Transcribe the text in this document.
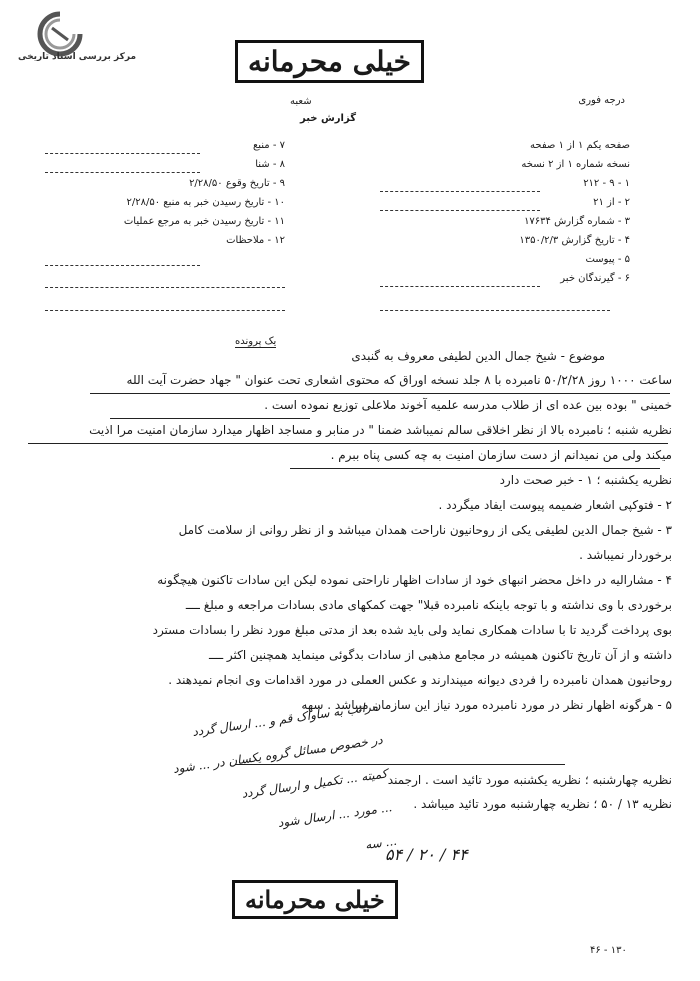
مرکز بررسی اسناد تاریخی	خیلی محرمانه
درجه فوری
شعبه
گزارش خبر
صفحه یکم ۱ از ۱ صفحه
نسخه شماره ۱ از ۲ نسخه
۱ - ۹ - ۲۱۲
۲ - از ۲۱
۳ - شماره گزارش ۱۷۶۳۴
۴ - تاریخ گزارش ۱۳۵۰/۲/۳
۵ - پیوست
۶ - گیرندگان خبر
۷ - منبع
۸ - شنا
۹ - تاریخ وقوع ۲/۲۸/۵۰
۱۰ - تاریخ رسیدن خبر به منبع ۲/۲۸/۵۰
۱۱ - تاریخ رسیدن خبر به مرجع عملیات
۱۲ - ملاحظات
یک پرونده
موضوع - شیخ جمال الدین لطیفی معروف به گنبدی
ساعت ۱۰۰۰ روز ۵۰/۲/۲۸ نامبرده با ۸ جلد نسخه اوراق که محتوی اشعاری تحت عنوان " جهاد حضرت آیت الله
خمینی " بوده بین عده ای از طلاب مدرسه علمیه آخوند ملاعلی توزیع نموده است .
نظریه شنبه ؛ نامبرده بالا از نظر اخلاقی سالم نمیباشد ضمنا " در منابر و مساجد اظهار میدارد سازمان امنیت مرا اذیت
میکند ولی من نمیدانم از دست سازمان امنیت به چه کسی پناه ببرم .
نظریه یکشنبه ؛ ۱ - خبر صحت دارد
۲ - فتوکپی اشعار ضمیمه پیوست ایفاد میگردد .
۳ - شیخ جمال الدین لطیفی یکی از روحانیون ناراحت همدان میباشد و از نظر روانی از سلامت کامل
برخوردار نمیباشد .
۴ - مشارالیه در داخل محضر انبهای خود از سادات اظهار ناراحتی نموده لیکن این سادات تاکنون هیچگونه
برخوردی با وی نداشته و با توجه باینکه نامبرده قبلا" جهت کمکهای مادی بسادات مراجعه و مبلغ ــــ
بوی پرداخت گردید تا با سادات همکاری نماید ولی باید شده بعد از مدتی مبلغ مورد نظر را بسادات مسترد
داشته و از آن تاریخ تاکنون همیشه در مجامع مذهبی از سادات بدگوئی مینماید همچنین اکثر ــــ
روحانیون همدان نامبرده را فردی دیوانه میپندارند و عکس العملی در مورد اقدامات وی انجام نمیدهند .
۵ - هرگونه اظهار نظر در مورد نامبرده مورد نیاز این سازمان میباشد . سهه
نظریه چهارشنبه ؛ نظریه یکشنبه مورد تائید است . ارجمند
نظریه ۱۳ / ۵۰ ؛ نظریه چهارشنبه مورد تائید میباشد .
مراتب به ساواک قم و ... ارسال گردد
در خصوص مسائل گروه یکسان در ... شود
کمیته ... تکمیل و ارسال گردد
... مورد ... ارسال شود
... سه
۵۴ / ۲۰ / ۴۴
خیلی محرمانه
۴۶ - ۱۳۰
